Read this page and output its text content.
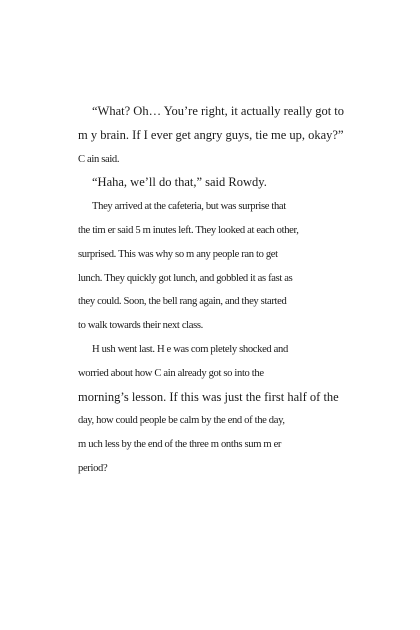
“What? Oh… You’re right, it actually really got to
m y brain. If I ever get angry guys, tie me up, okay?”
C ain said.
“Haha, we’ll do that,” said Rowdy.
They arrived at the cafeteria, but was surprise that
the tim er said 5 m inutes left. They looked at each other,
surprised. This was why so m any people ran to get
lunch. They quickly got lunch, and gobbled it as fast as
they could. Soon, the bell rang again, and they started
to walk towards their next class.
H ush went last. H e was com pletely shocked and
worried about how C ain already got so into the
morning’s lesson. If this was just the first half of the
day, how could people be calm by the end of the day,
m uch less by the end of the three m onths sum m er
period?
